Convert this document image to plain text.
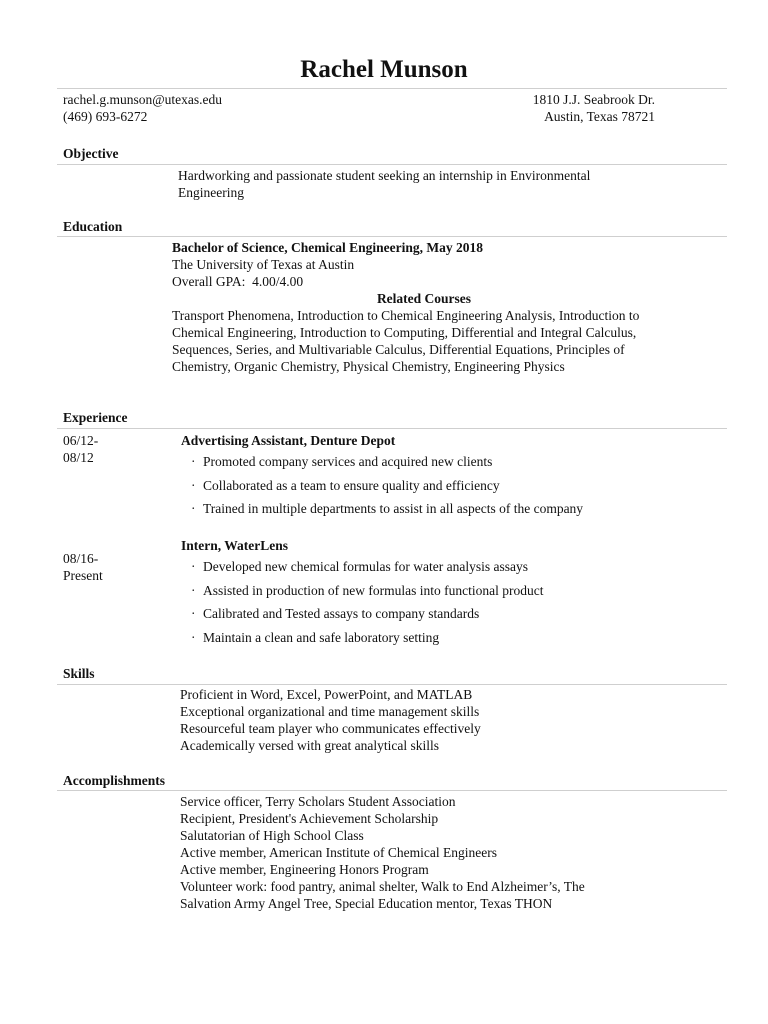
Rachel Munson
rachel.g.munson@utexas.edu
(469) 693-6272
1810 J.J. Seabrook Dr.
Austin, Texas 78721
Objective
Hardworking and passionate student seeking an internship in Environmental Engineering
Education
Bachelor of Science, Chemical Engineering, May 2018
The University of Texas at Austin
Overall GPA:  4.00/4.00
Related Courses
Transport Phenomena, Introduction to Chemical Engineering Analysis, Introduction to Chemical Engineering, Introduction to Computing, Differential and Integral Calculus, Sequences, Series, and Multivariable Calculus, Differential Equations, Principles of Chemistry, Organic Chemistry, Physical Chemistry, Engineering Physics
Experience
06/12-
08/12
Advertising Assistant, Denture Depot
· Promoted company services and acquired new clients
· Collaborated as a team to ensure quality and efficiency
· Trained in multiple departments to assist in all aspects of the company
08/16-
Present
Intern, WaterLens
· Developed new chemical formulas for water analysis assays
· Assisted in production of new formulas into functional product
· Calibrated and Tested assays to company standards
· Maintain a clean and safe laboratory setting
Skills
Proficient in Word, Excel, PowerPoint, and MATLAB
Exceptional organizational and time management skills
Resourceful team player who communicates effectively
Academically versed with great analytical skills
Accomplishments
Service officer, Terry Scholars Student Association
Recipient, President's Achievement Scholarship
Salutatorian of High School Class
Active member, American Institute of Chemical Engineers
Active member, Engineering Honors Program
Volunteer work: food pantry, animal shelter, Walk to End Alzheimer’s, The
Salvation Army Angel Tree, Special Education mentor, Texas THON
